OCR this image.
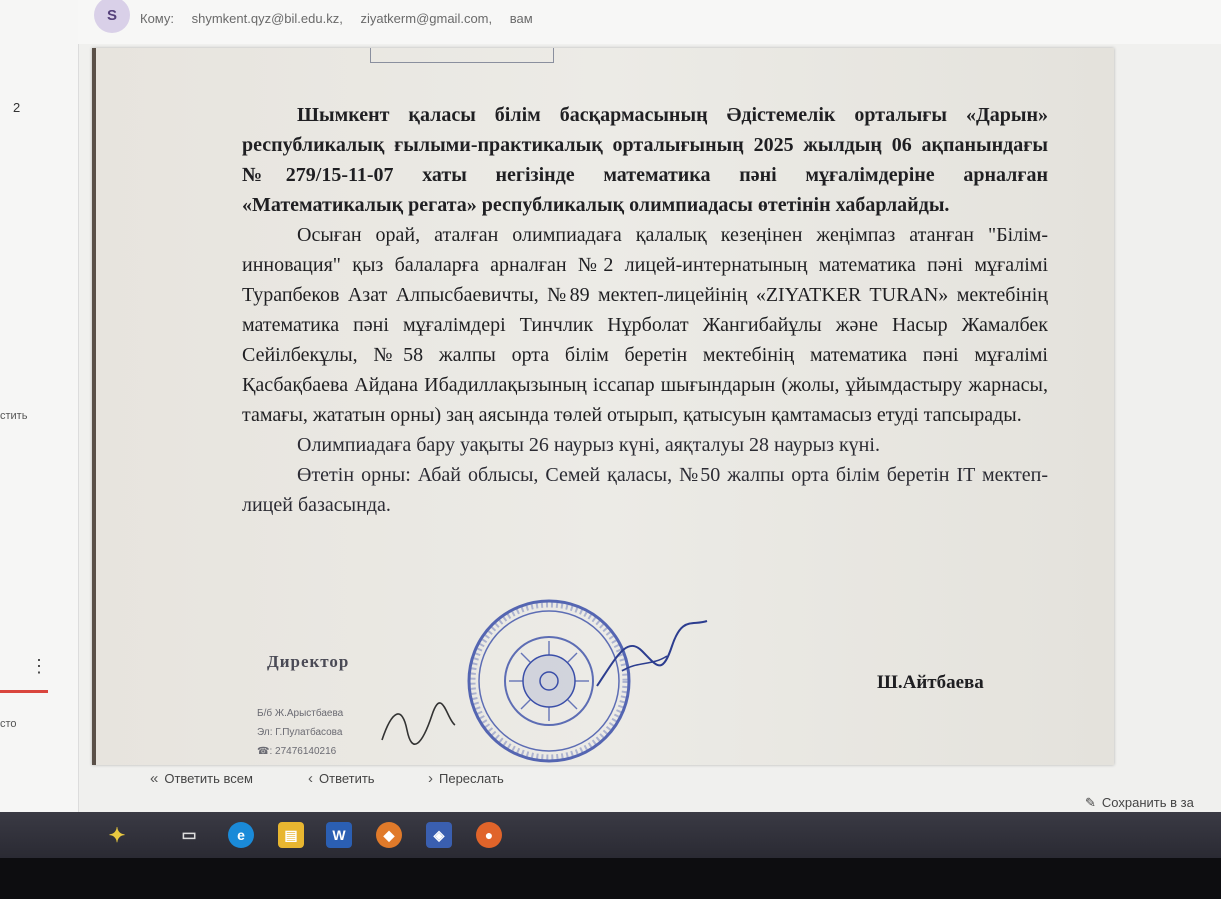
2
стить
⋮
сто
S	Кому: shymkent.qyz@bil.edu.kz, ziyatkerm@gmail.com, вам

Шымкент қаласы білім басқармасының Әдістемелік орталығы «Дарын» республикалық ғылыми-практикалық орталығының 2025 жылдың 06 ақпанындағы №279/15-11-07 хаты негізінде математика пәні мұғалімдеріне арналған «Математикалық регата» республикалық олимпиадасы өтетінін хабарлайды.

Осыған орай, аталған олимпиадаға қалалық кезеңінен жеңімпаз атанған "Білім-инновация" қыз балаларға арналған №2 лицей-интернатының математика пәні мұғалімі Турапбеков Азат Алпысбаевичты, №89 мектеп-лицейінің «ZIYATKER TURAN» мектебінің математика пәні мұғалімдері Тинчлик Нұрболат Жангибайұлы және Насыр Жамалбек Сейілбекұлы, №58 жалпы орта білім беретін мектебінің математика пәні мұғалімі Қасбақбаева Айдана Ибадиллақызының іссапар шығындарын (жолы, ұйымдастыру жарнасы, тамағы, жататын орны) заң аясында төлей отырып, қатысуын қамтамасыз етуді тапсырады.

Олимпиадаға бару уақыты 26 наурыз күні, аяқталуы 28 наурыз күні.

Өтетін орны: Абай облысы, Семей қаласы, №50 жалпы орта білім беретін IT мектеп-лицей базасында.

Директор
Ш.Айтбаева
Б/б Ж.Арыстбаева
Эл: Г.Пулатбасова
☎: 27476140216
« Ответить всем	‹ Ответить	› Переслать
✎ Сохранить в за
✦	▭	e	▤	W	◆	◈	●
